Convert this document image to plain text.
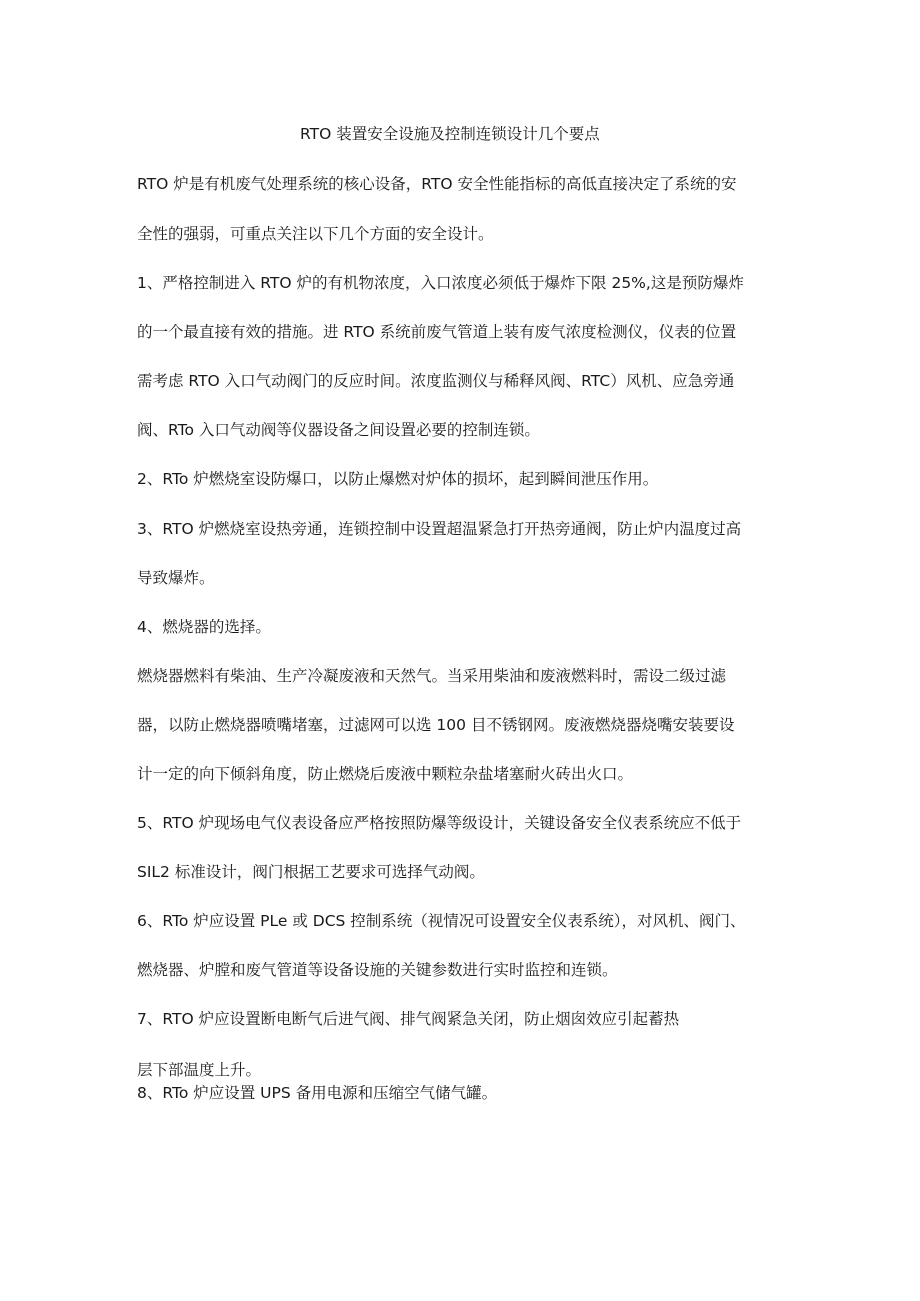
RTO 装置安全设施及控制连锁设计几个要点

RTO 炉是有机废气处理系统的核心设备，RTO 安全性能指标的高低直接决定了系统的安

全性的强弱，可重点关注以下几个方面的安全设计。

1、严格控制进入 RTO 炉的有机物浓度，入口浓度必须低于爆炸下限 25%,这是预防爆炸

的一个最直接有效的措施。进 RTO 系统前废气管道上装有废气浓度检测仪，仪表的位置

需考虑 RTO 入口气动阀门的反应时间。浓度监测仪与稀释风阀、RTC）风机、应急旁通

阀、RTo 入口气动阀等仪器设备之间设置必要的控制连锁。

2、RTo 炉燃烧室设防爆口，以防止爆燃对炉体的损坏，起到瞬间泄压作用。

3、RTO 炉燃烧室设热旁通，连锁控制中设置超温紧急打开热旁通阀，防止炉内温度过高

导致爆炸。

4、燃烧器的选择。

燃烧器燃料有柴油、生产冷凝废液和天然气。当采用柴油和废液燃料时，需设二级过滤

器，以防止燃烧器喷嘴堵塞，过滤网可以选 100 目不锈钢网。废液燃烧器烧嘴安装要设

计一定的向下倾斜角度，防止燃烧后废液中颗粒杂盐堵塞耐火砖出火口。

5、RTO 炉现场电气仪表设备应严格按照防爆等级设计，关键设备安全仪表系统应不低于

SIL2 标准设计，阀门根据工艺要求可选择气动阀。

6、RTo 炉应设置 PLe 或 DCS 控制系统（视情况可设置安全仪表系统），对风机、阀门、

燃烧器、炉膛和废气管道等设备设施的关键参数进行实时监控和连锁。

7、RTO 炉应设置断电断气后进气阀、排气阀紧急关闭，防止烟囱效应引起蓄热

层下部温度上升。

8、RTo 炉应设置 UPS 备用电源和压缩空气储气罐。
